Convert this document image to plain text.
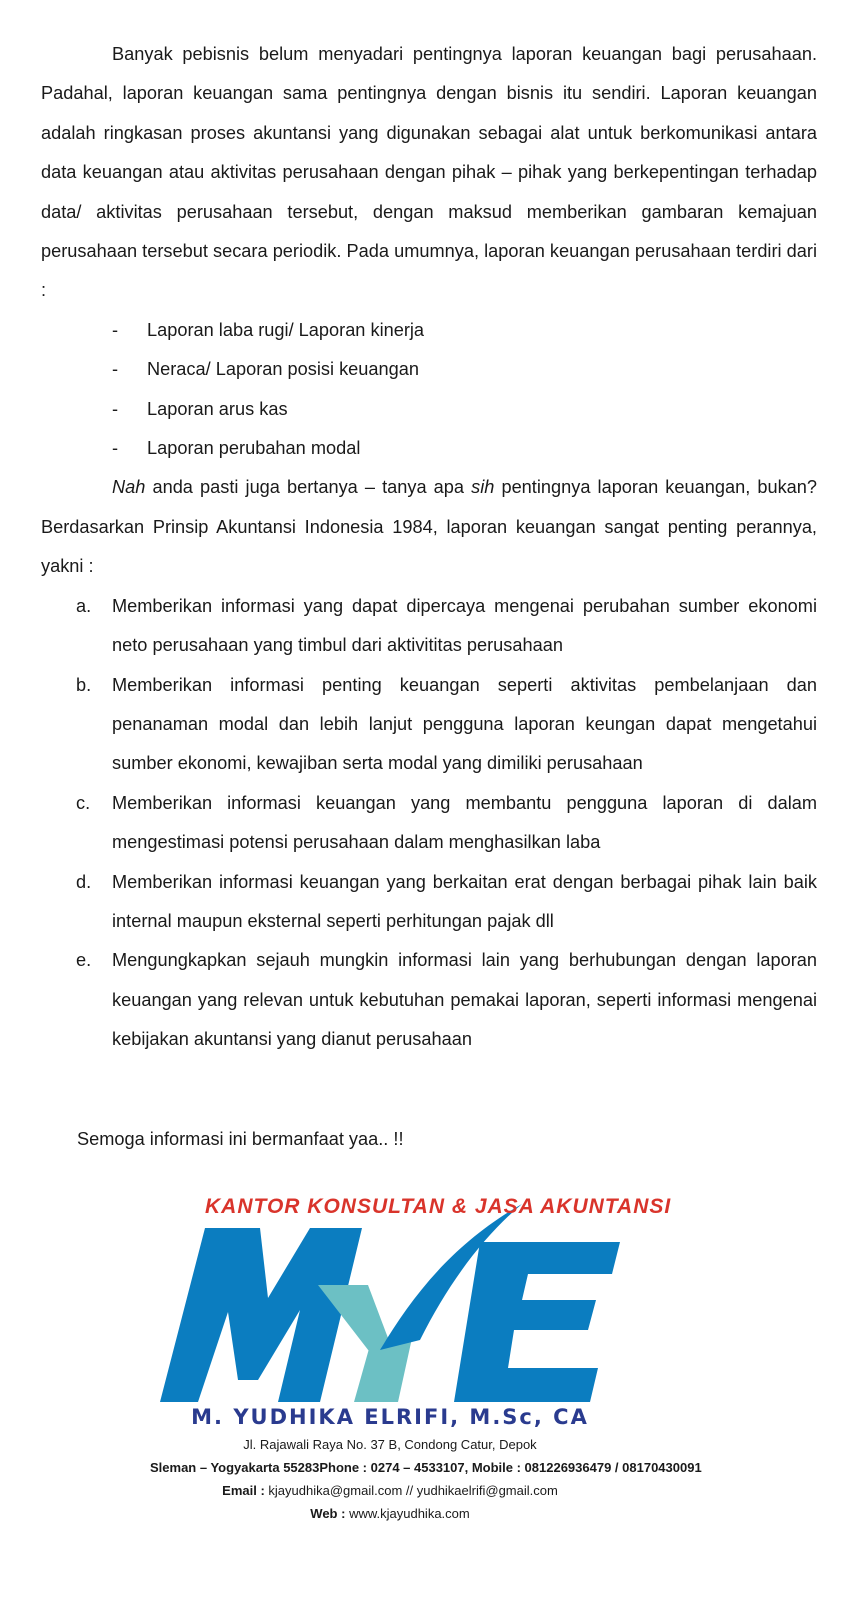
Banyak pebisnis belum menyadari pentingnya laporan keuangan bagi perusahaan. Padahal, laporan keuangan sama pentingnya dengan bisnis itu sendiri. Laporan keuangan adalah ringkasan proses akuntansi yang digunakan sebagai alat untuk berkomunikasi antara data keuangan atau aktivitas perusahaan dengan pihak – pihak yang berkepentingan terhadap data/ aktivitas perusahaan tersebut, dengan maksud memberikan gambaran kemajuan perusahaan tersebut secara periodik. Pada umumnya, laporan keuangan perusahaan terdiri dari :

- Laporan laba rugi/ Laporan kinerja
- Neraca/ Laporan posisi keuangan
- Laporan arus kas
- Laporan perubahan modal

Nah anda pasti juga bertanya – tanya apa sih pentingnya laporan keuangan, bukan? Berdasarkan Prinsip Akuntansi Indonesia 1984, laporan keuangan sangat penting perannya, yakni :

a. Memberikan informasi yang dapat dipercaya mengenai perubahan sumber ekonomi neto perusahaan yang timbul dari aktivititas perusahaan
b. Memberikan informasi penting keuangan seperti aktivitas pembelanjaan dan penanaman modal dan lebih lanjut pengguna laporan keungan dapat mengetahui sumber ekonomi, kewajiban serta modal yang dimiliki perusahaan
c. Memberikan informasi keuangan yang membantu pengguna laporan di dalam mengestimasi potensi perusahaan dalam menghasilkan laba
d. Memberikan informasi keuangan yang berkaitan erat dengan berbagai pihak lain baik internal maupun eksternal seperti perhitungan pajak dll
e. Mengungkapkan sejauh mungkin informasi lain yang berhubungan dengan laporan keuangan yang relevan untuk kebutuhan pemakai laporan, seperti informasi mengenai kebijakan akuntansi yang dianut perusahaan

Semoga informasi ini bermanfaat yaa.. !!

KANTOR KONSULTAN & JASA AKUNTANSI
M. YUDHIKA ELRIFI, M.Sc, CA
Jl. Rajawali Raya No. 37 B, Condong Catur, Depok
Sleman – Yogyakarta 55283Phone : 0274 – 4533107, Mobile : 081226936479 / 08170430091
Email : kjayudhika@gmail.com // yudhikaelrifi@gmail.com
Web : www.kjayudhika.com
